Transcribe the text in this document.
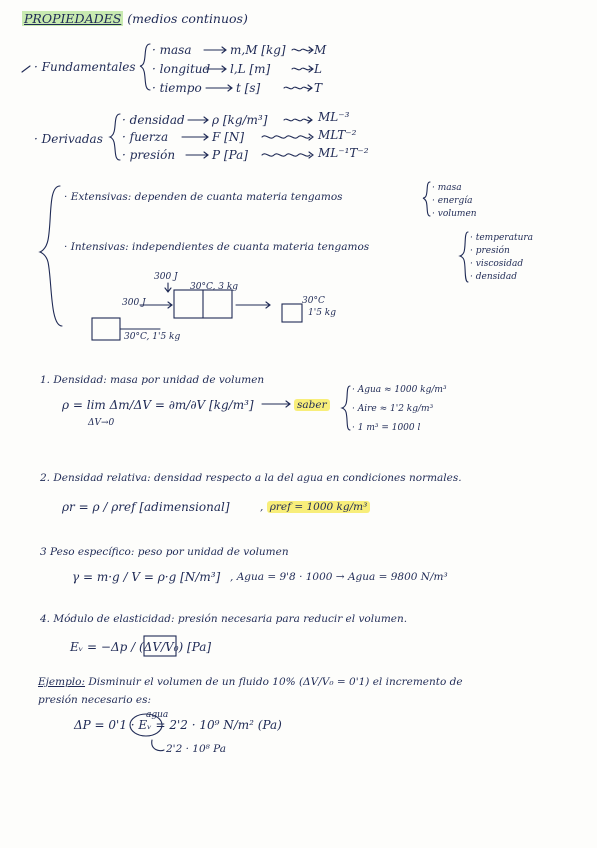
PROPIEDADES (medios continuos)
· Fundamentales
· masa	m,M [kg] M
· longitud l,L [m]	L
· tiempo	t [s]	T
· Derivadas
· densidad ρ [kg/m³]	ML⁻³
· fuerza	F [N]	MLT⁻²
· presión	P [Pa]	ML⁻¹T⁻²
· Extensivas: dependen de cuanta materia tengamos
· masa
· energía
· volumen
· Intensivas: independientes de cuanta materia tengamos
· temperatura
· presión
· viscosidad
· densidad
300 J
30°C, 3 kg
300 J	30°C
1'5 kg
30°C, 1'5 kg
1. Densidad: masa por unidad de volumen
ρ = lim Δm/ΔV = ∂m/∂V [kg/m³]
ΔV→0
saber
· Agua ≈ 1000 kg/m³
· Aire ≈ 1'2 kg/m³
· 1 m³ = 1000 l
2. Densidad relativa: densidad respecto a la del agua en condiciones normales.
ρr = ρ / ρref [adimensional]	, ρref = 1000 kg/m³
3 Peso específico: peso por unidad de volumen
γ = m·g / V = ρ·g [N/m³] , Agua = 9'8 · 1000 → Agua = 9800 N/m³
4. Módulo de elasticidad: presión necesaria para reducir el volumen.
Eᵥ = −Δp / (ΔV/V₀) [Pa]
Ejemplo: Disminuir el volumen de un fluido 10% (ΔV/V₀ = 0'1) el incremento de
presión necesario es:
agua
ΔP = 0'1 · Eᵥ = 2'2 · 10⁹ N/m² (Pa)
2'2 · 10⁸ Pa
